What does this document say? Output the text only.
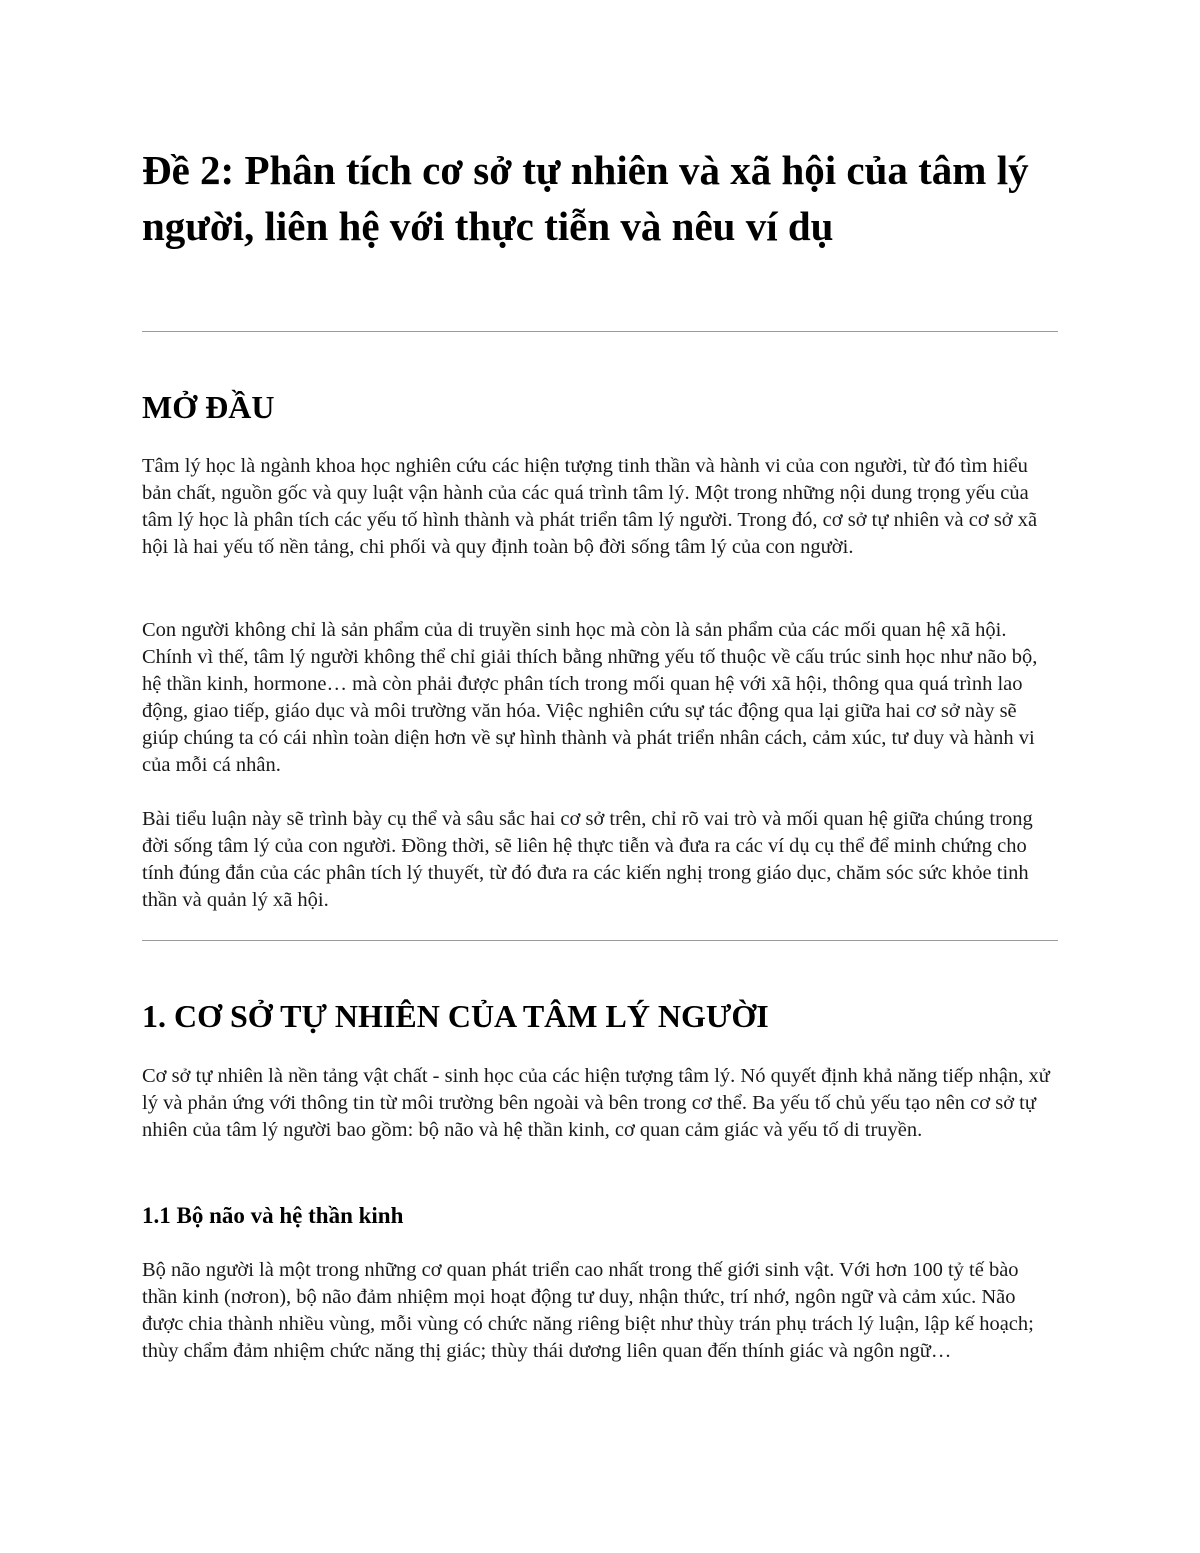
Đề 2: Phân tích cơ sở tự nhiên và xã hội của tâm lý người, liên hệ với thực tiễn và nêu ví dụ
MỞ ĐẦU

Tâm lý học là ngành khoa học nghiên cứu các hiện tượng tinh thần và hành vi của con người, từ đó tìm hiểu bản chất, nguồn gốc và quy luật vận hành của các quá trình tâm lý. Một trong những nội dung trọng yếu của tâm lý học là phân tích các yếu tố hình thành và phát triển tâm lý người. Trong đó, cơ sở tự nhiên và cơ sở xã hội là hai yếu tố nền tảng, chi phối và quy định toàn bộ đời sống tâm lý của con người.

Con người không chỉ là sản phẩm của di truyền sinh học mà còn là sản phẩm của các mối quan hệ xã hội. Chính vì thế, tâm lý người không thể chỉ giải thích bằng những yếu tố thuộc về cấu trúc sinh học như não bộ, hệ thần kinh, hormone… mà còn phải được phân tích trong mối quan hệ với xã hội, thông qua quá trình lao động, giao tiếp, giáo dục và môi trường văn hóa. Việc nghiên cứu sự tác động qua lại giữa hai cơ sở này sẽ giúp chúng ta có cái nhìn toàn diện hơn về sự hình thành và phát triển nhân cách, cảm xúc, tư duy và hành vi của mỗi cá nhân.

Bài tiểu luận này sẽ trình bày cụ thể và sâu sắc hai cơ sở trên, chỉ rõ vai trò và mối quan hệ giữa chúng trong đời sống tâm lý của con người. Đồng thời, sẽ liên hệ thực tiễn và đưa ra các ví dụ cụ thể để minh chứng cho tính đúng đắn của các phân tích lý thuyết, từ đó đưa ra các kiến nghị trong giáo dục, chăm sóc sức khỏe tinh thần và quản lý xã hội.

1. CƠ SỞ TỰ NHIÊN CỦA TÂM LÝ NGƯỜI

Cơ sở tự nhiên là nền tảng vật chất - sinh học của các hiện tượng tâm lý. Nó quyết định khả năng tiếp nhận, xử lý và phản ứng với thông tin từ môi trường bên ngoài và bên trong cơ thể. Ba yếu tố chủ yếu tạo nên cơ sở tự nhiên của tâm lý người bao gồm: bộ não và hệ thần kinh, cơ quan cảm giác và yếu tố di truyền.

1.1 Bộ não và hệ thần kinh

Bộ não người là một trong những cơ quan phát triển cao nhất trong thế giới sinh vật. Với hơn 100 tỷ tế bào thần kinh (nơron), bộ não đảm nhiệm mọi hoạt động tư duy, nhận thức, trí nhớ, ngôn ngữ và cảm xúc. Não được chia thành nhiều vùng, mỗi vùng có chức năng riêng biệt như thùy trán phụ trách lý luận, lập kế hoạch; thùy chẩm đảm nhiệm chức năng thị giác; thùy thái dương liên quan đến thính giác và ngôn ngữ…
